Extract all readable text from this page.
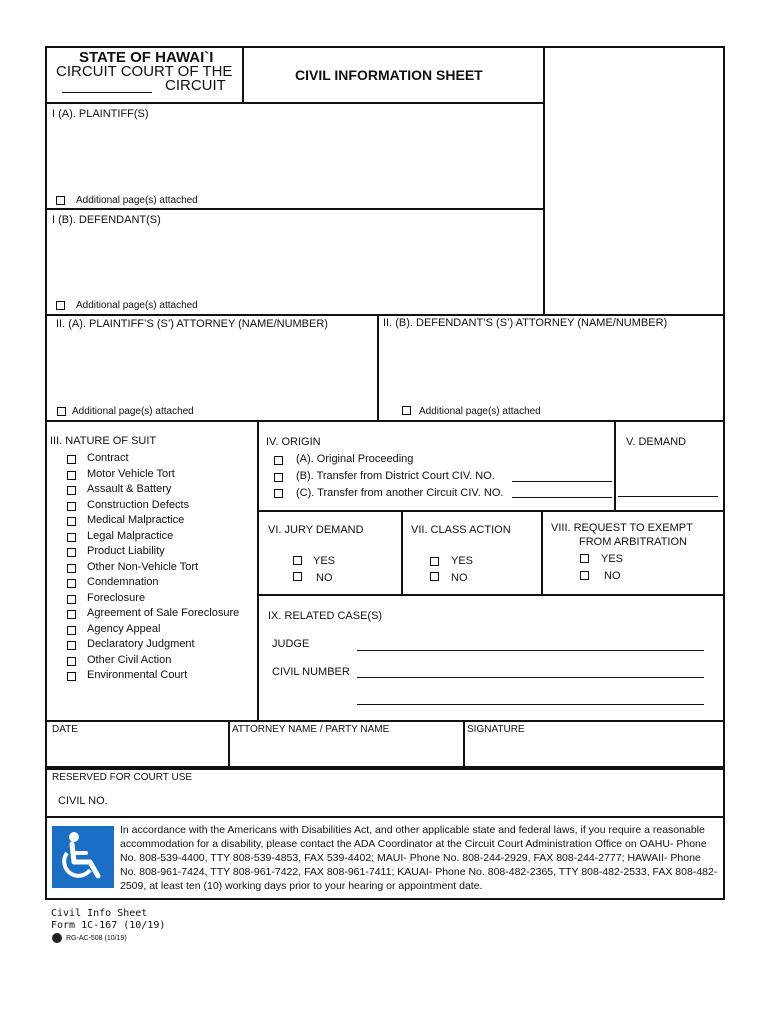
STATE OF HAWAI`I
CIRCUIT COURT OF THE
CIRCUIT
CIVIL INFORMATION SHEET
I (A). PLAINTIFF(S)
Additional page(s) attached
I (B). DEFENDANT(S)
Additional page(s) attached
II. (A). PLAINTIFF’S (S’) ATTORNEY (NAME/NUMBER)	II. (B). DEFENDANT’S (S’) ATTORNEY (NAME/NUMBER)
Additional page(s) attached	Additional page(s) attached
III. NATURE OF SUIT
Contract
Motor Vehicle Tort
Assault & Battery
Construction Defects
Medical Malpractice
Legal Malpractice
Product Liability
Other Non-Vehicle Tort
Condemnation
Foreclosure
Agreement of Sale Foreclosure
Agency Appeal
Declaratory Judgment
Other Civil Action
Environmental Court
IV. ORIGIN
(A). Original Proceeding
(B). Transfer from District Court CIV. NO.
(C). Transfer from another Circuit CIV. NO.
V. DEMAND
VI. JURY DEMAND
YES
NO
VII. CLASS ACTION
YES
NO
VIII. REQUEST TO EXEMPT
FROM ARBITRATION
YES
NO
IX. RELATED CASE(S)
JUDGE
CIVIL NUMBER
DATE	ATTORNEY NAME / PARTY NAME	SIGNATURE
RESERVED FOR COURT USE
CIVIL NO.
In accordance with the Americans with Disabilities Act, and other applicable state and federal laws, if you require a reasonable accommodation for a disability, please contact the ADA Coordinator at the Circuit Court Administration Office on OAHU- Phone No. 808-539-4400, TTY 808-539-4853, FAX 539-4402; MAUI- Phone No. 808-244-2929, FAX 808-244-2777; HAWAII- Phone No. 808-961-7424, TTY 808-961-7422, FAX 808-961-7411; KAUAI- Phone No. 808-482-2365, TTY 808-482-2533, FAX 808-482-2509, at least ten (10) working days prior to your hearing or appointment date.
Civil Info Sheet
Form 1C-167 (10/19)
RG-AC-508 (10/19)
